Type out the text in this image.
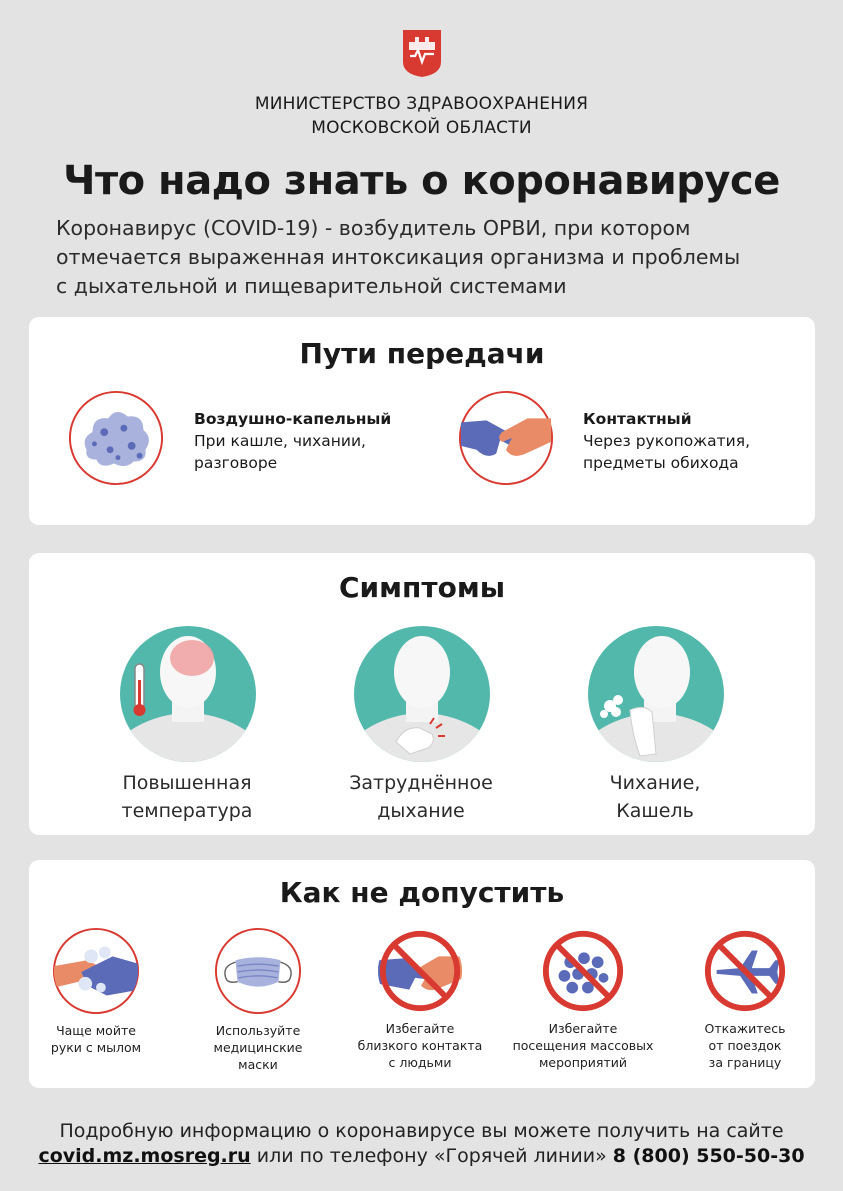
МИНИСТЕРСТВО ЗДРАВООХРАНЕНИЯ
МОСКОВСКОЙ ОБЛАСТИ
Что надо знать о коронавирусе
Коронавирус (COVID-19) - возбудитель ОРВИ, при котором
отмечается выраженная интоксикация организма и проблемы
с дыхательной и пищеварительной системами
Пути передачи
Воздушно-капельный
При кашле, чихании,
разговоре
Контактный
Через рукопожатия,
предметы обихода
Симптомы
Повышенная
температура
Затруднённое
дыхание
Чихание,
Кашель
Как не допустить
Чаще мойте
руки с мылом
Используйте
медицинские
маски
Избегайте
близкого контакта
с людьми
Избегайте
посещения массовых
мероприятий
Откажитесь
от поездок
за границу
Подробную информацию о коронавирусе вы можете получить на сайте
covid.mz.mosreg.ru или по телефону «Горячей линии» 8 (800) 550-50-30
